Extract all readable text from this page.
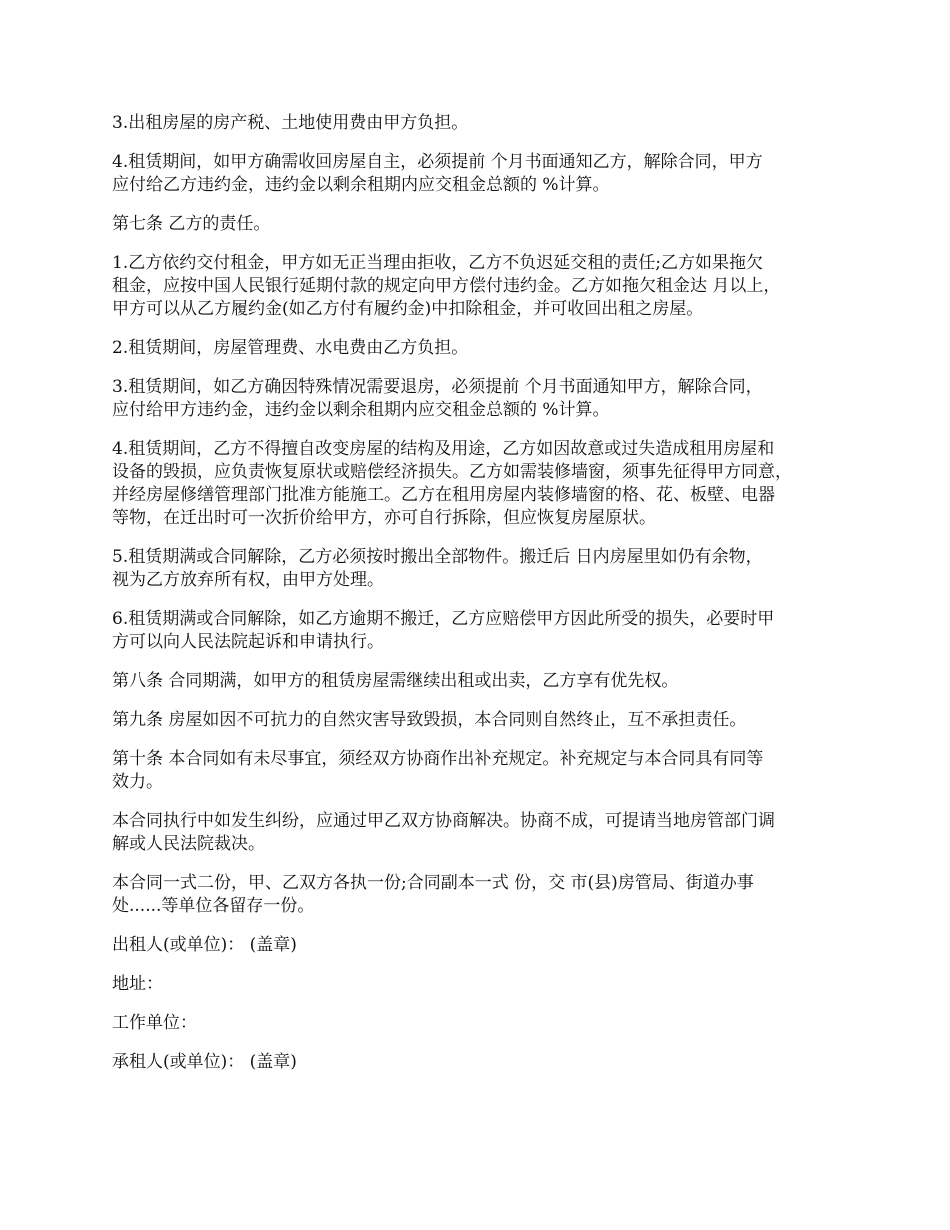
3.出租房屋的房产税、土地使用费由甲方负担。
4.租赁期间，如甲方确需收回房屋自主，必须提前 个月书面通知乙方，解除合同，甲方
应付给乙方违约金，违约金以剩余租期内应交租金总额的 %计算。
第七条 乙方的责任。
1.乙方依约交付租金，甲方如无正当理由拒收，乙方不负迟延交租的责任;乙方如果拖欠
租金，应按中国人民银行延期付款的规定向甲方偿付违约金。乙方如拖欠租金达 月以上，
甲方可以从乙方履约金(如乙方付有履约金)中扣除租金，并可收回出租之房屋。
2.租赁期间，房屋管理费、水电费由乙方负担。
3.租赁期间，如乙方确因特殊情况需要退房，必须提前 个月书面通知甲方，解除合同，
应付给甲方违约金，违约金以剩余租期内应交租金总额的 %计算。
4.租赁期间，乙方不得擅自改变房屋的结构及用途，乙方如因故意或过失造成租用房屋和
设备的毁损，应负责恢复原状或赔偿经济损失。乙方如需装修墙窗，须事先征得甲方同意，
并经房屋修缮管理部门批准方能施工。乙方在租用房屋内装修墙窗的格、花、板壁、电器
等物，在迁出时可一次折价给甲方，亦可自行拆除，但应恢复房屋原状。
5.租赁期满或合同解除，乙方必须按时搬出全部物件。搬迁后 日内房屋里如仍有余物，
视为乙方放弃所有权，由甲方处理。
6.租赁期满或合同解除，如乙方逾期不搬迁，乙方应赔偿甲方因此所受的损失，必要时甲
方可以向人民法院起诉和申请执行。
第八条 合同期满，如甲方的租赁房屋需继续出租或出卖，乙方享有优先权。
第九条 房屋如因不可抗力的自然灾害导致毁损，本合同则自然终止，互不承担责任。
第十条 本合同如有未尽事宜，须经双方协商作出补充规定。补充规定与本合同具有同等
效力。
本合同执行中如发生纠纷，应通过甲乙双方协商解决。协商不成，可提请当地房管部门调
解或人民法院裁决。
本合同一式二份，甲、乙双方各执一份;合同副本一式 份，交 市(县)房管局、街道办事
处......等单位各留存一份。
出租人(或单位)： (盖章)
地址：
工作单位：
承租人(或单位)： (盖章)
